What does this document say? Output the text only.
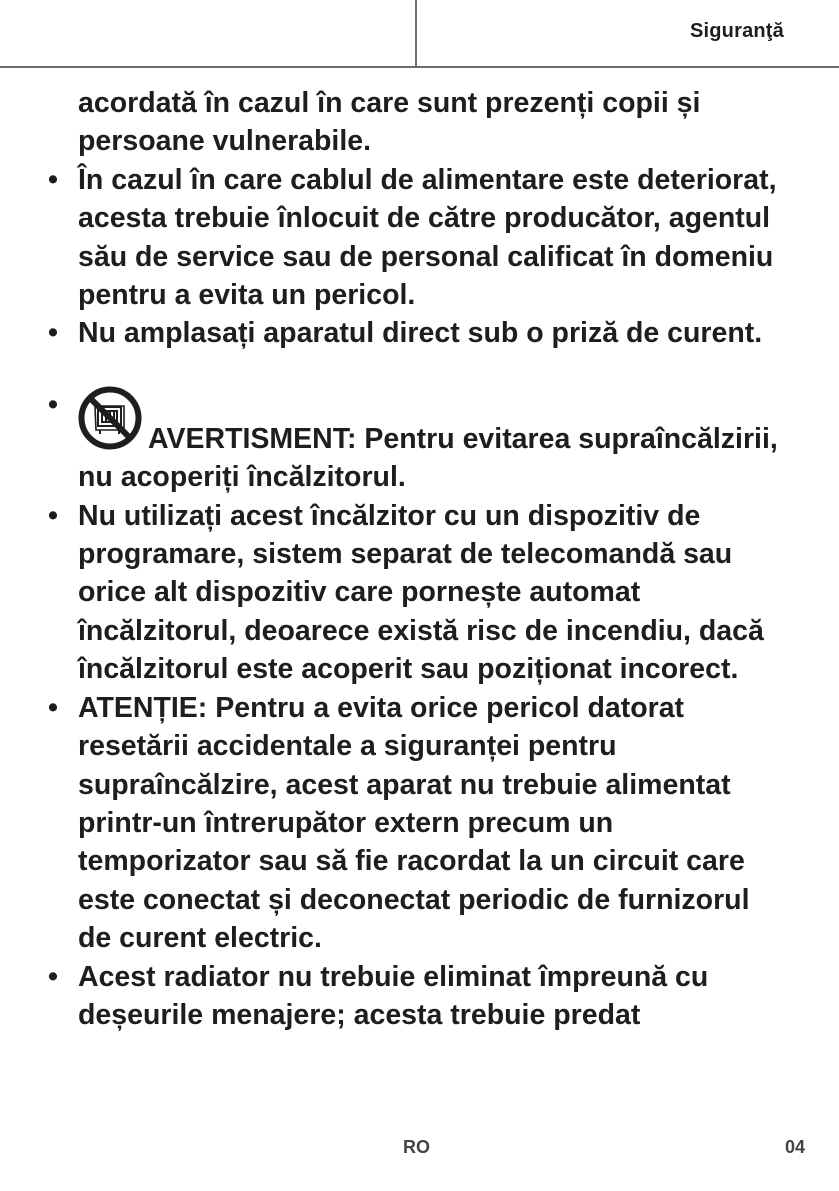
Siguranţă
acordată în cazul în care sunt prezenți copii și persoane vulnerabile.
• În cazul în care cablul de alimentare este deteriorat, acesta trebuie înlocuit de către producător, agentul său de service sau de personal calificat în domeniu pentru a evita un pericol.
• Nu amplasați aparatul direct sub o priză de curent.
•
AVERTISMENT: Pentru evitarea supraîncălzirii, nu acoperiți încălzitorul.
• Nu utilizați acest încălzitor cu un dispozitiv de programare, sistem separat de telecomandă sau orice alt dispozitiv care pornește automat încălzitorul, deoarece există risc de incendiu, dacă încălzitorul este acoperit sau poziționat incorect.
• ATENȚIE: Pentru a evita orice pericol datorat resetării accidentale a siguranței pentru supraîncălzire, acest aparat nu trebuie alimentat printr-un întrerupător extern precum un temporizator sau să fie racordat la un circuit care este conectat și deconectat periodic de furnizorul de curent electric.
• Acest radiator nu trebuie eliminat împreună cu deșeurile menajere; acesta trebuie predat
RO	04
